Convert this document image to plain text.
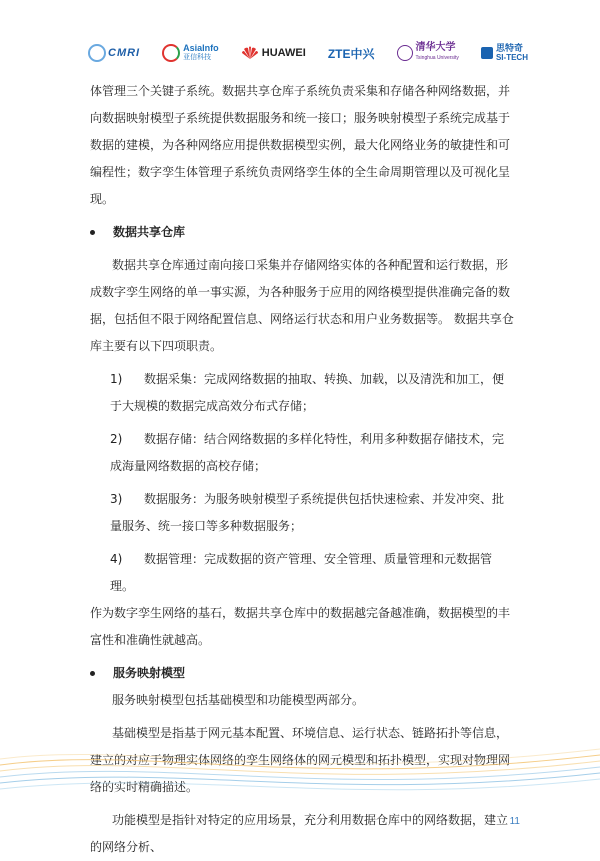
CMRI	AsiaInfo
亚信科技	HUAWEI ZTE中兴	清华大学
Tsinghua University
思特奇
SI-TECH

体管理三个关键子系统。数据共享仓库子系统负责采集和存储各种网络数据，并向数据映射模型子系统提供数据服务和统一接口；服务映射模型子系统完成基于数据的建模，为各种网络应用提供数据模型实例，最大化网络业务的敏捷性和可编程性；数字孪生体管理子系统负责网络孪生体的全生命周期管理以及可视化呈现。

数据共享仓库

数据共享仓库通过南向接口采集并存储网络实体的各种配置和运行数据，形成数字孪生网络的单一事实源，为各种服务于应用的网络模型提供准确完备的数据，包括但不限于网络配置信息、网络运行状态和用户业务数据等。 数据共享仓库主要有以下四项职责。

1) 数据采集：完成网络数据的抽取、转换、加载，以及清洗和加工，便于大规模的数据完成高效分布式存储；
2) 数据存储：结合网络数据的多样化特性，利用多种数据存储技术，完成海量网络数据的高校存储；
3) 数据服务：为服务映射模型子系统提供包括快速检索、并发冲突、批量服务、统一接口等多种数据服务；
4) 数据管理：完成数据的资产管理、安全管理、质量管理和元数据管理。

作为数字孪生网络的基石，数据共享仓库中的数据越完备越准确，数据模型的丰富性和准确性就越高。

服务映射模型

服务映射模型包括基础模型和功能模型两部分。

基础模型是指基于网元基本配置、环境信息、运行状态、链路拓扑等信息，建立的对应于物理实体网络的孪生网络体的网元模型和拓扑模型，实现对物理网络的实时精确描述。

功能模型是指针对特定的应用场景，充分利用数据仓库中的网络数据，建立的网络分析、

11
